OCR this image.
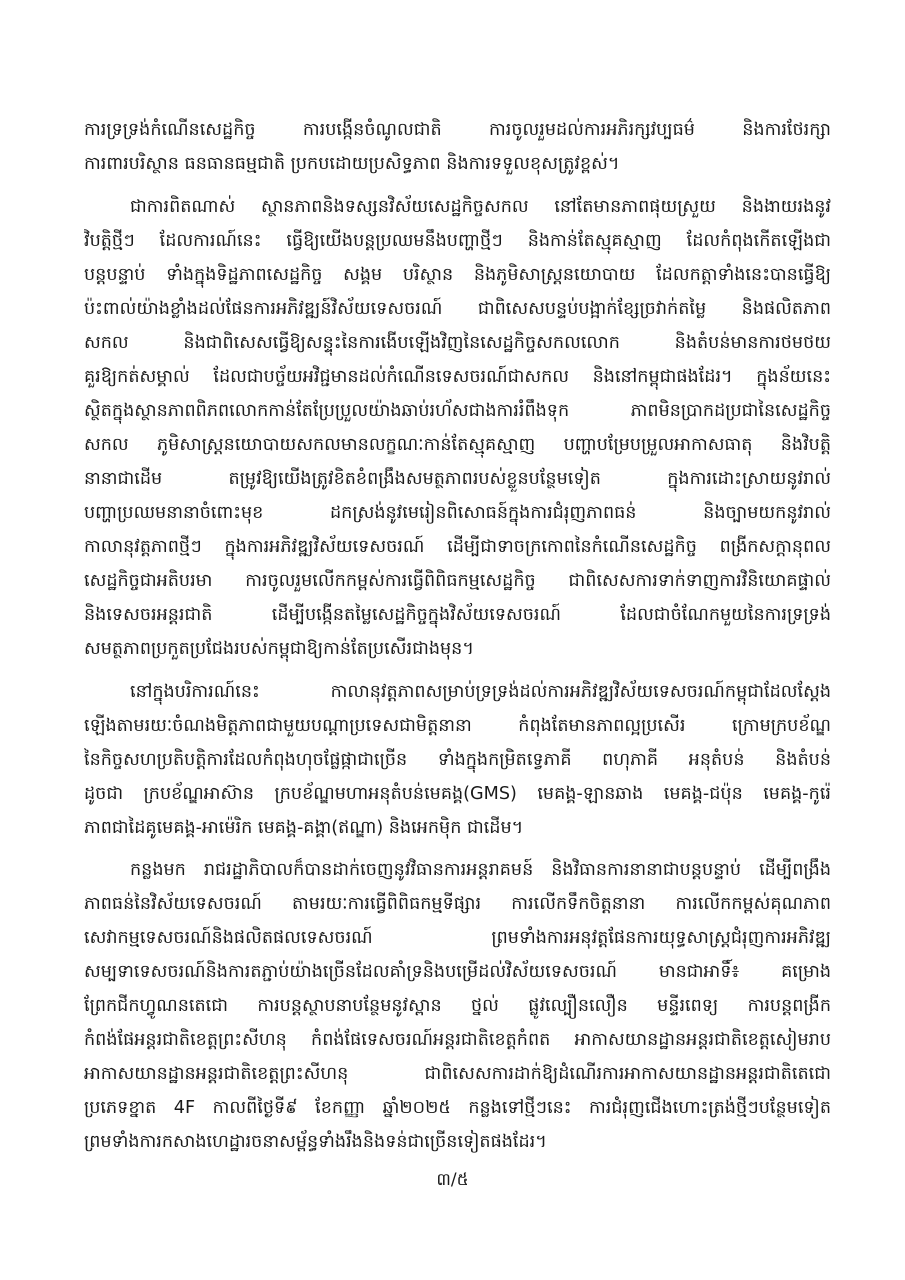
ការទ្រទ្រង់កំណើនសេដ្ឋកិច្ច ការបង្កើនចំណូលជាតិ ការចូលរួមដល់ការអភិរក្សវប្បធម៌ និងការថែរក្សា
ការពារបរិស្ថាន ធនធានធម្មជាតិ ប្រកបដោយប្រសិទ្ធភាព និងការទទួលខុសត្រូវខ្ពស់។
ជាការពិតណាស់ ស្ថានភាពនិងទស្សនវិស័យសេដ្ឋកិច្ចសកល នៅតែមានភាពផុយស្រួយ និងងាយរងនូវ
វិបត្តិថ្មីៗ ដែលការណ៍នេះ ធ្វើឱ្យយើងបន្តប្រឈមនឹងបញ្ហាថ្មីៗ និងកាន់តែស្មុគស្មាញ ដែលកំពុងកើតឡើងជា
បន្តបន្ទាប់ ទាំងក្នុងទិដ្ឋភាពសេដ្ឋកិច្ច សង្គម បរិស្ថាន និងភូមិសាស្ត្រនយោបាយ ដែលកត្តាទាំងនេះបានធ្វើឱ្យ
ប៉ះពាល់យ៉ាងខ្លាំងដល់ផែនការអភិវឌ្ឍន៍វិស័យទេសចរណ៍ ជាពិសេសបន្ទប់បង្អាក់ខ្សែច្រវាក់តម្លៃ និងផលិតភាព
សកល និងជាពិសេសធ្វើឱ្យសន្ទុះនៃការងើបឡើងវិញនៃសេដ្ឋកិច្ចសកលលោក និងតំបន់មានការថមថយ
គួរឱ្យកត់សម្គាល់ ដែលជាបច្ច័យអវិជ្ជមានដល់កំណើនទេសចរណ៍ជាសកល និងនៅកម្ពុជាផងដែរ។ ក្នុងន័យនេះ
ស្ថិតក្នុងស្ថានភាពពិភពលោកកាន់តែប្រែប្រួលយ៉ាងឆាប់រហ័សជាងការរំពឹងទុក ភាពមិនប្រាកដប្រជានៃសេដ្ឋកិច្ច
សកល ភូមិសាស្ត្រនយោបាយសកលមានលក្ខណៈកាន់តែស្មុគស្មាញ បញ្ហាបម្រែបម្រួលអាកាសធាតុ និងវិបត្តិ
នានាជាដើម តម្រូវឱ្យយើងត្រូវខិតខំពង្រឹងសមត្ថភាពរបស់ខ្លួនបន្ថែមទៀត ក្នុងការដោះស្រាយនូវរាល់
បញ្ហាប្រឈមនានាចំពោះមុខ ដកស្រង់នូវមេរៀនពិសោធន៍ក្នុងការជំរុញភាពធន់ និងច្បាមយកនូវរាល់
កាលានុវត្តភាពថ្មីៗ ក្នុងការអភិវឌ្ឍវិស័យទេសចរណ៍ ដើម្បីជាទាចក្រកោពនៃកំណើនសេដ្ឋកិច្ច ពង្រីកសក្តានុពល
សេដ្ឋកិច្ចជាអតិបរមា ការចូលរួមលើកកម្ពស់ការធ្វើពិពិធកម្មសេដ្ឋកិច្ច ជាពិសេសការទាក់ទាញការវិនិយោគផ្ទាល់
និងទេសចរអន្តរជាតិ ដើម្បីបង្កើនតម្លៃសេដ្ឋកិច្ចក្នុងវិស័យទេសចរណ៍ ដែលជាចំណែកមួយនៃការទ្រទ្រង់
សមត្ថភាពប្រកួតប្រជែងរបស់កម្ពុជាឱ្យកាន់តែប្រសើរជាងមុន។
នៅក្នុងបរិការណ៍នេះ កាលានុវត្តភាពសម្រាប់ទ្រទ្រង់ដល់ការអភិវឌ្ឍវិស័យទេសចរណ៍កម្ពុជាដែលស្តែង
ឡើងតាមរយៈចំណងមិត្តភាពជាមួយបណ្តាប្រទេសជាមិត្តនានា កំពុងតែមានភាពល្អប្រសើរ ក្រោមក្របខ័ណ្ឌ
នៃកិច្ចសហប្រតិបត្តិការដែលកំពុងហុចផ្លែផ្កាជាច្រើន ទាំងក្នុងកម្រិតទ្វេភាគី ពហុភាគី អនុតំបន់ និងតំបន់
ដូចជា ក្របខ័ណ្ឌអាស៊ាន ក្របខ័ណ្ឌមហាអនុតំបន់មេគង្គ(GMS) មេគង្គ-ឡានឆាង មេគង្គ-ជប៉ុន មេគង្គ-កូរ៉េ
ភាពជាដៃគូមេគង្គ-អាម៉េរិក មេគង្គ-គង្គា(ឥណ្ឌា) និងអេកម៉ិក ជាដើម។
កន្លងមក រាជរដ្ឋាភិបាលក៏បានដាក់ចេញនូវវិធានការអន្តរាគមន៍ និងវិធានការនានាជាបន្តបន្ទាប់ ដើម្បីពង្រឹង
ភាពធន់នៃវិស័យទេសចរណ៍ តាមរយៈការធ្វើពិពិធកម្មទីផ្សារ ការលើកទឹកចិត្តនានា ការលើកកម្ពស់គុណភាព
សេវាកម្មទេសចរណ៍និងផលិតផលទេសចរណ៍ ព្រមទាំងការអនុវត្តផែនការយុទ្ធសាស្ត្រជំរុញការអភិវឌ្ឍ
សម្បទាទេសចរណ៍និងការតភ្ជាប់យ៉ាងច្រើនដែលគាំទ្រនិងបម្រើដល់វិស័យទេសចរណ៍ មានជាអាទិ៍៖ គម្រោង
ព្រែកជីកហ្វូណនតេជោ ការបន្តស្ថាបនាបន្ថែមនូវស្ពាន ថ្នល់ ផ្លូវល្បឿនលឿន មន្ទីរពេទ្យ ការបន្តពង្រីក
កំពង់ផែអន្តរជាតិខេត្តព្រះសីហនុ កំពង់ផែទេសចរណ៍អន្តរជាតិខេត្តកំពត អាកាសយានដ្ឋានអន្តរជាតិខេត្តសៀមរាប
អាកាសយានដ្ឋានអន្តរជាតិខេត្តព្រះសីហនុ ជាពិសេសការដាក់ឱ្យដំណើរការអាកាសយានដ្ឋានអន្តរជាតិតេជោ
ប្រភេទខ្នាត 4F កាលពីថ្ងៃទី៩ ខែកញ្ញា ឆ្នាំ២០២៥ កន្លងទៅថ្មីៗនេះ ការជំរុញជើងហោះត្រង់ថ្មីៗបន្ថែមទៀត
ព្រមទាំងការកសាងហេដ្ឋារចនាសម្ព័ន្ធទាំងរឹងនិងទន់ជាច្រើនទៀតផងដែរ។
៣/៥
